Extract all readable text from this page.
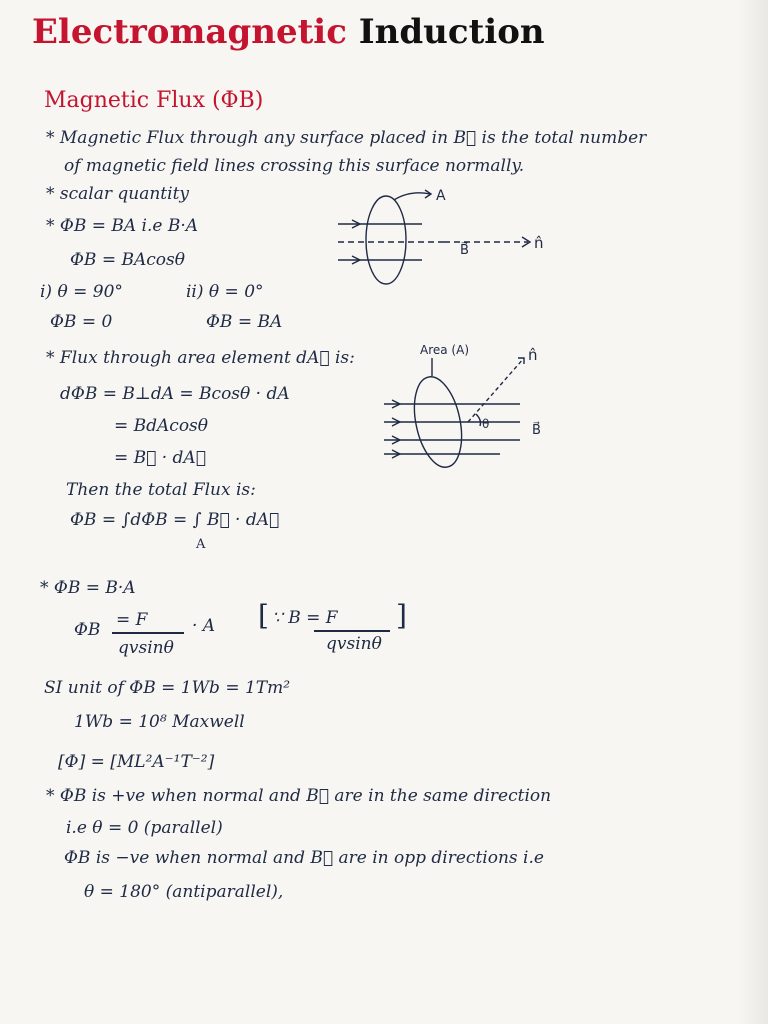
Electromagnetic Induction
Magnetic Flux (ΦB)
* Magnetic Flux through any surface placed in B⃗ is the total number
of magnetic field lines crossing this surface normally.
* scalar quantity
* ΦB = BA i.e B·A
ΦB = BAcosθ
i) θ = 90°	ii) θ = 0°
ΦB = 0	ΦB = BA
* Flux through area element dA⃗ is:
dΦB = B⊥dA = Bcosθ · dA
= BdAcosθ
= B⃗ · dA⃗
Then the total Flux is:
ΦB = ∫dΦB = ∫ B⃗ · dA⃗
A
* ΦB = B·A
ΦB = F
qvsinθ
· A [ ∵ B = F
qvsinθ
]
SI unit of ΦB = 1Wb = 1Tm²
1Wb = 10⁸ Maxwell
[Φ] = [ML²A⁻¹T⁻²]
* ΦB is +ve when normal and B⃗ are in the same direction
i.e θ = 0 (parallel)
ΦB is −ve when normal and B⃗ are in opp directions i.e
θ = 180° (antiparallel),
A
B⃗	n̂
Area (A)
B⃗
n̂
θ
